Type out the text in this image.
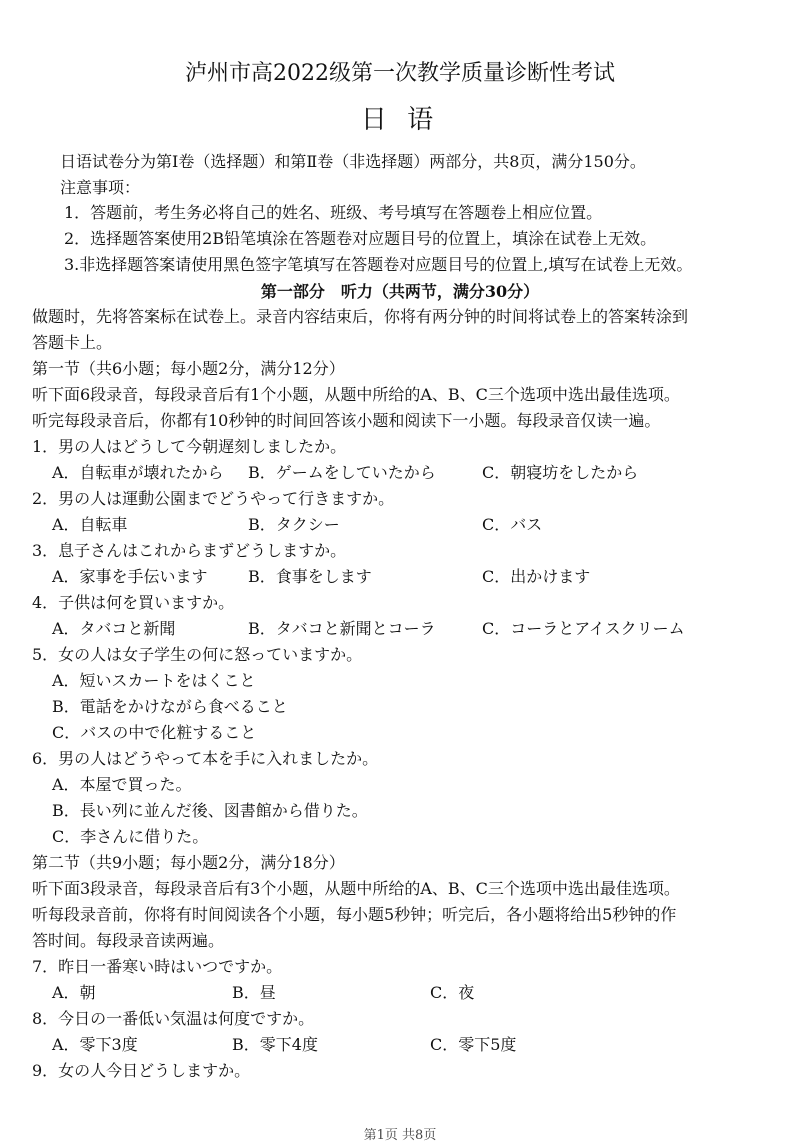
泸州市高2022级第一次教学质量诊断性考试
日 语
日语试卷分为第Ⅰ卷（选择题）和第Ⅱ卷（非选择题）两部分，共8页，满分150分。
注意事项：
1．答题前，考生务必将自己的姓名、班级、考号填写在答题卷上相应位置。
2．选择题答案使用2B铅笔填涂在答题卷对应题目号的位置上，填涂在试卷上无效。
3.非选择题答案请使用黑色签字笔填写在答题卷对应题目号的位置上,填写在试卷上无效。
第一部分　听力（共两节，满分30分）
做题时，先将答案标在试卷上。录音内容结束后，你将有两分钟的时间将试卷上的答案转涂到
答题卡上。
第一节（共6小题；每小题2分，满分12分）
听下面6段录音，每段录音后有1个小题，从题中所给的A、B、C三个选项中选出最佳选项。
听完每段录音后，你都有10秒钟的时间回答该小题和阅读下一小题。每段录音仅读一遍。
1．男の人はどうして今朝遅刻しましたか。
A．自転車が壊れたから B．ゲームをしていたから	C．朝寝坊をしたから
2．男の人は運動公園までどうやって行きますか。
A．自転車	B．タクシー	C．バス
3．息子さんはこれからまずどうしますか。
A．家事を手伝います	B．食事をします	C．出かけます
4．子供は何を買いますか。
A．タバコと新聞	B．タバコと新聞とコーラ	C．コーラとアイスクリーム
5．女の人は女子学生の何に怒っていますか。
A．短いスカートをはくこと
B．電話をかけながら食べること
C．バスの中で化粧すること
6．男の人はどうやって本を手に入れましたか。
A．本屋で買った。
B．長い列に並んだ後、図書館から借りた。
C．李さんに借りた。
第二节（共9小题；每小题2分，满分18分）
听下面3段录音，每段录音后有3个小题，从题中所给的A、B、C三个选项中选出最佳选项。
听每段录音前，你将有时间阅读各个小题，每小题5秒钟；听完后，各小题将给出5秒钟的作
答时间。每段录音读两遍。
7．昨日一番寒い時はいつですか。
A．朝	B．昼	C．夜
8．今日の一番低い気温は何度ですか。
A．零下3度	B．零下4度	C．零下5度
9．女の人今日どうしますか。
第1页 共8页
